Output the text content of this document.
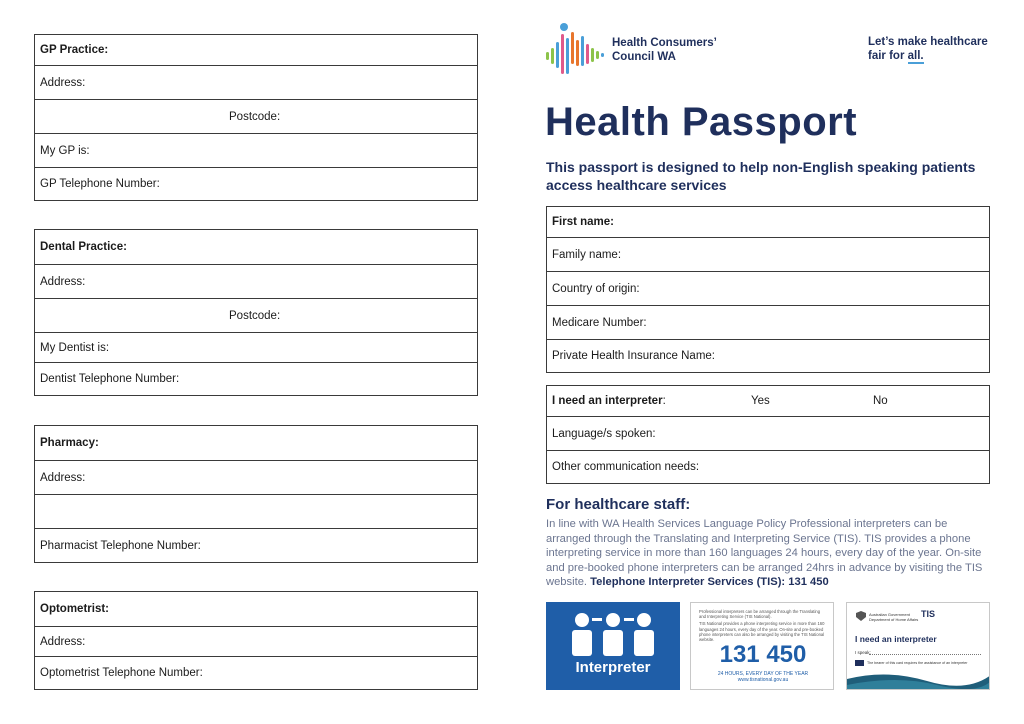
GP Practice:
Address:
Postcode:
My GP is:
GP Telephone Number:
Dental Practice:
Address:
Postcode:
My Dentist is:
Dentist Telephone Number:
Pharmacy:
Address:
Pharmacist Telephone Number:
Optometrist:
Address:
Optometrist Telephone Number:
Health Consumers’
Council WA
Let’s make healthcare
fair for all.
Health Passport
This passport is designed to help non-English speaking patients access healthcare services
First name:
Family name:
Country of origin:
Medicare Number:
Private Health Insurance Name:
I need an interpreter :	Yes	No
Language/s spoken:
Other communication needs:
For healthcare staff:
In line with WA Health Services Language Policy Professional interpreters can be arranged through the Translating and Interpreting Service (TIS). TIS provides a phone interpreting service in more than 160 languages 24 hours, every day of the year. On-site and pre-booked phone interpreters can be arranged 24hrs in advance by visiting the TIS website. Telephone Interpreter Services (TIS): 131 450
Interpreter
Professional interpreters can be arranged through the Translating and Interpreting Service (TIS National).
TIS National provides a phone interpreting service in more than 160 languages 24 hours, every day of the year. On-site and pre-booked phone interpreters can also be arranged by visiting the TIS National website.
131 450
24 HOURS, EVERY DAY OF THE YEAR
www.tisnational.gov.au
Australian Government
Department of Home Affairs
TIS
I need an interpreter
I speak:
The bearer of this card requires the assistance of an interpreter
